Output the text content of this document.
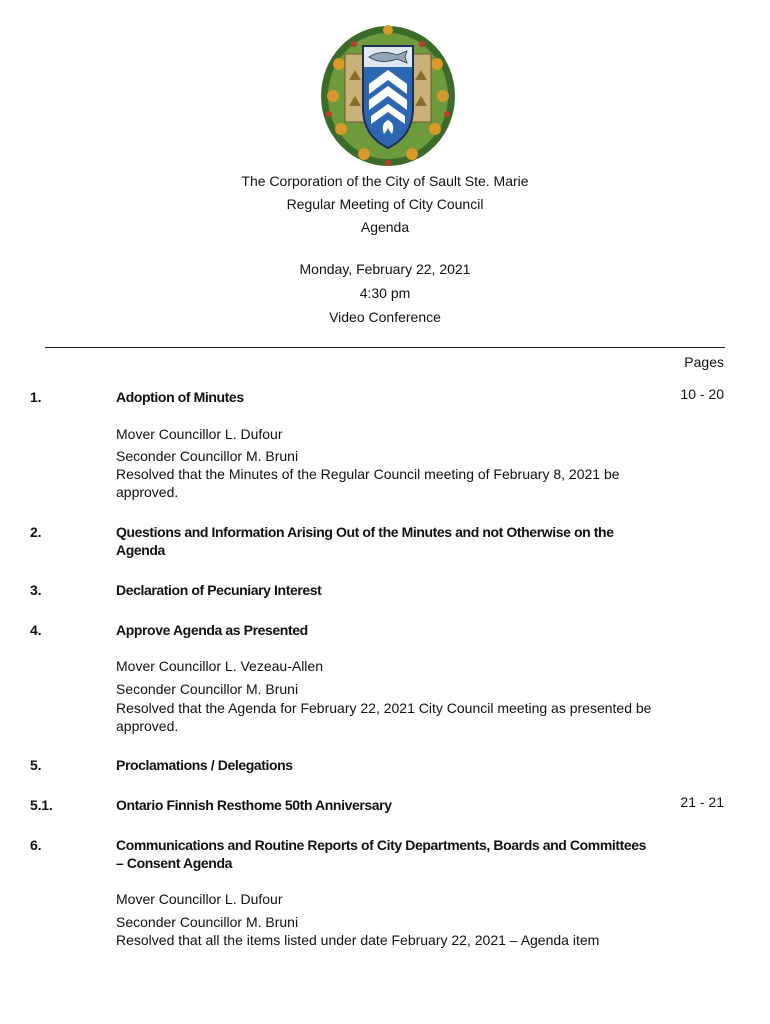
The Corporation of the City of Sault Ste. Marie
Regular Meeting of City Council
Agenda
Monday, February 22, 2021
4:30 pm
Video Conference
Pages
1.	Adoption of Minutes	10 - 20
Mover Councillor L. Dufour
Seconder Councillor M. Bruni
Resolved that the Minutes of the Regular Council meeting of February 8, 2021 be approved.
2.	Questions and Information Arising Out of the Minutes and not Otherwise on the Agenda
3.	Declaration of Pecuniary Interest
4.	Approve Agenda as Presented
Mover Councillor L. Vezeau-Allen
Seconder Councillor M. Bruni
Resolved that the Agenda for February 22, 2021 City Council meeting as presented be approved.
5.	Proclamations / Delegations
5.1.	Ontario Finnish Resthome 50th Anniversary	21 - 21
6.	Communications and Routine Reports of City Departments, Boards and Committees – Consent Agenda
Mover Councillor L. Dufour
Seconder Councillor M. Bruni
Resolved that all the items listed under date February 22, 2021 – Agenda item
